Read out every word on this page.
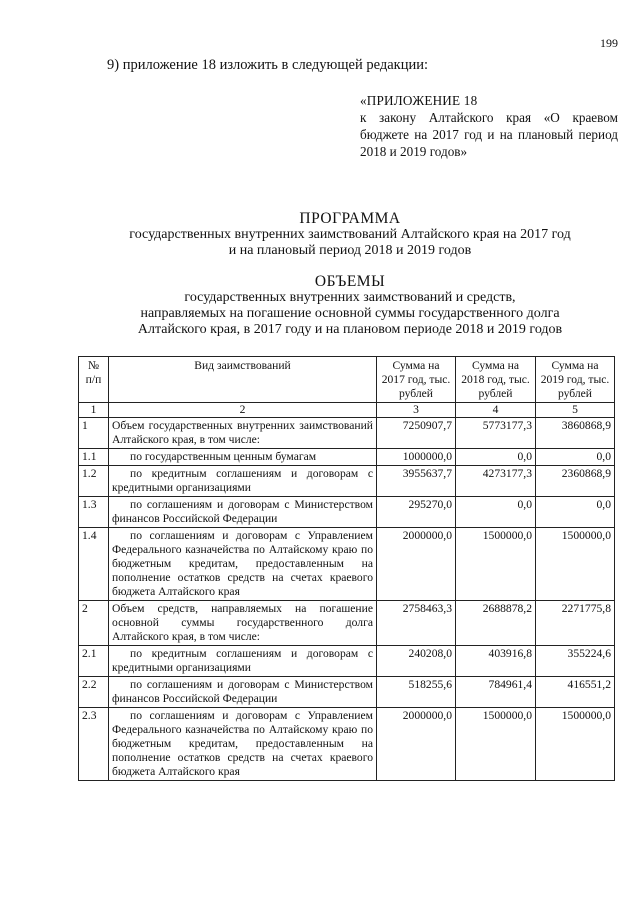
199
9) приложение 18 изложить в следующей редакции:
«ПРИЛОЖЕНИЕ 18
к закону Алтайского края «О краевом бюджете на 2017 год и на плановый период 2018 и 2019 годов»
ПРОГРАММА
государственных внутренних заимствований Алтайского края на 2017 год
и на плановый период 2018 и 2019 годов
ОБЪЕМЫ
государственных внутренних заимствований и средств,
направляемых на погашение основной суммы государственного долга
Алтайского края, в 2017 году и на плановом периоде 2018 и 2019 годов
№ п/п	Вид заимствований	Сумма на 2017 год, тыс. рублей	Сумма на 2018 год, тыс. рублей	Сумма на 2019 год, тыс. рублей
1	2	3	4	5
1	Объем государственных внутренних заимствований Алтайского края, в том числе:	7250907,7	5773177,3	3860868,9
1.1	по государственным ценным бумагам	1000000,0	0,0	0,0
1.2	по кредитным соглашениям и договорам с кредитными организациями	3955637,7	4273177,3	2360868,9
1.3	по соглашениям и договорам с Министерством финансов Российской Федерации	295270,0	0,0	0,0
1.4	по соглашениям и договорам с Управлением Федерального казначейства по Алтайскому краю по бюджетным кредитам, предоставленным на пополнение остатков средств на счетах краевого бюджета Алтайского края	2000000,0	1500000,0	1500000,0
2	Объем средств, направляемых на погашение основной суммы государственного долга Алтайского края, в том числе:	2758463,3	2688878,2	2271775,8
2.1	по кредитным соглашениям и договорам с кредитными организациями	240208,0	403916,8	355224,6
2.2	по соглашениям и договорам с Министерством финансов Российской Федерации	518255,6	784961,4	416551,2
2.3	по соглашениям и договорам с Управлением Федерального казначейства по Алтайскому краю по бюджетным кредитам, предоставленным на пополнение остатков средств на счетах краевого бюджета Алтайского края	2000000,0	1500000,0	1500000,0
